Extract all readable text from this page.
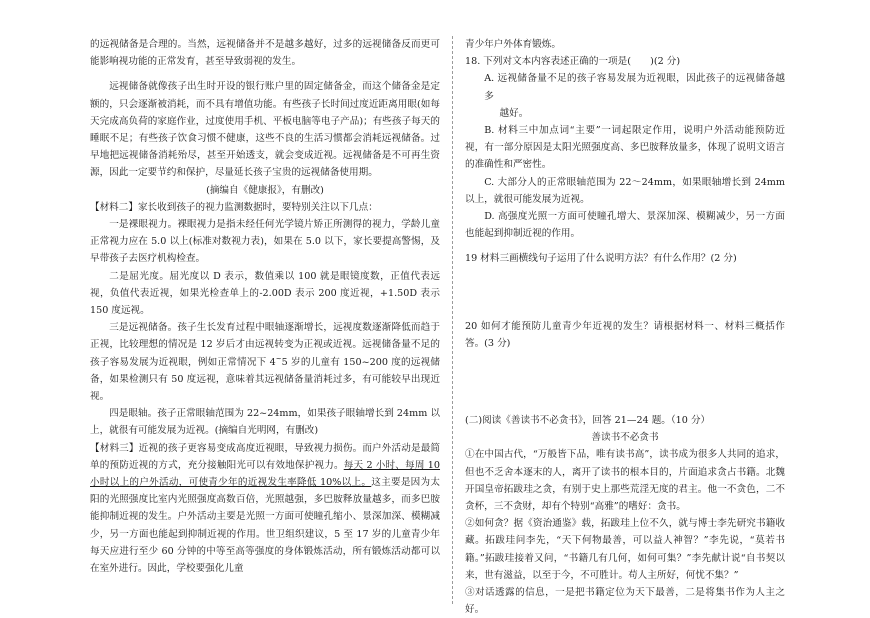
的远视储备是合理的。当然，远视储备并不是越多越好，过多的远视储备反而更可能影响视功能的正常发育，甚至导致弱视的发生。

远视储备就像孩子出生时开设的银行账户里的固定储备金，而这个储备金是定额的，只会逐渐被消耗，而不具有增值功能。有些孩子长时间过度近距离用眼(如每天完成高负荷的家庭作业，过度使用手机、平板电脑等电子产品)；有些孩子每天的睡眠不足；有些孩子饮食习惯不健康，这些不良的生活习惯都会消耗远视储备。过早地把远视储备消耗殆尽，甚至开始透支，就会变成近视。远视储备是不可再生资源，因此一定要节约和保护，尽量延长孩子宝贵的远视储备使用期。

(摘编自《健康报》，有删改)

【材料二】家长收到孩子的视力监测数据时，要特别关注以下几点：

一是裸眼视力。裸眼视力是指未经任何光学镜片矫正所测得的视力，学龄儿童正常视力应在 5.0 以上(标准对数视力表)，如果在 5.0 以下，家长要提高警惕，及早带孩子去医疗机构检查。

二是屈光度。屈光度以 D 表示，数值乘以 100 就是眼镜度数，正值代表远视，负值代表近视，如果光检查单上的-2.00D 表示 200 度近视，+1.50D 表示 150 度远视。

三是远视储备。孩子生长发育过程中眼轴逐渐增长，远视度数逐渐降低而趋于正视，比较理想的情况是 12 岁后才由远视转变为正视或近视。远视储备量不足的孩子容易发展为近视眼，例如正常情况下 4~5 岁的儿童有 150~200 度的远视储备，如果检测只有 50 度远视，意味着其远视储备量消耗过多，有可能较早出现近视。

四是眼轴。孩子正常眼轴范围为 22~24mm，如果孩子眼轴增长到 24mm 以上，就很有可能发展为近视。(摘编自光明网，有删改)

【材料三】近视的孩子更容易变成高度近视眼，导致视力损伤。而户外活动是最简单的预防近视的方式，充分接触阳光可以有效地保护视力。每天 2 小时、每周 10 小时以上的户外活动，可使青少年的近视发生率降低 10%以上。这主要是因为太阳的光照强度比室内光照强度高数百倍，光照越强，多巴胺释放量越多，而多巴胺能抑制近视的发生。户外活动主要是光照一方面可使瞳孔缩小、景深加深、模糊减少，另一方面也能起到抑制近视的作用。世卫组织建议，5 至 17 岁的儿童青少年每天应进行至少 60 分钟的中等至高等强度的身体锻炼活动，所有锻炼活动都可以在室外进行。因此，学校要强化儿童

青少年户外体育锻炼。

18. 下列对文本内容表述正确的一项是(　　)(2 分)

A. 远视储备量不足的孩子容易发展为近视眼，因此孩子的远视储备越多

越好。

B. 材料三中加点词“主要”一词起限定作用，说明户外活动能预防近视，有一部分原因是太阳光照强度高、多巴胺释放量多，体现了说明文语言的准确性和严密性。

C. 大部分人的正常眼轴范围为 22～24mm，如果眼轴增长到 24mm 以上，就很可能发展为近视。

D. 高强度光照一方面可使瞳孔增大、景深加深、模糊减少，另一方面也能起到抑制近视的作用。

19 材料三画横线句子运用了什么说明方法？有什么作用？(2 分)

20 如何才能预防儿童青少年近视的发生？请根据材料一、材料三概括作答。(3 分)

(二)阅读《善读书不必贪书》，回答 21—24 题。（10 分）

善读书不必贪书

①在中国古代，“万般皆下品，唯有读书高”，读书成为很多人共同的追求，但也不乏舍本逐末的人，离开了读书的根本目的，片面追求贪占书籍。北魏开国皇帝拓跋珪之贪，有别于史上那些荒淫无度的君主。他一不贪色，二不贪杯，三不贪财，却有个特别“高雅”的嗜好：贪书。

②如何贪？据《资治通鉴》载，拓跋珪上位不久，就与博士李先研究书籍收藏。拓跋珪问李先，“天下何物最善，可以益人神智？”李先说，“莫若书籍。”拓跋珪接着又问，“书籍几有几何，如何可集？”李先献计说“自书契以来，世有滋益，以至于今，不可胜计。苟人主所好，何忧不集？”

③对话透露的信息，一是把书籍定位为天下最善，二是将集书作为人主之好。
